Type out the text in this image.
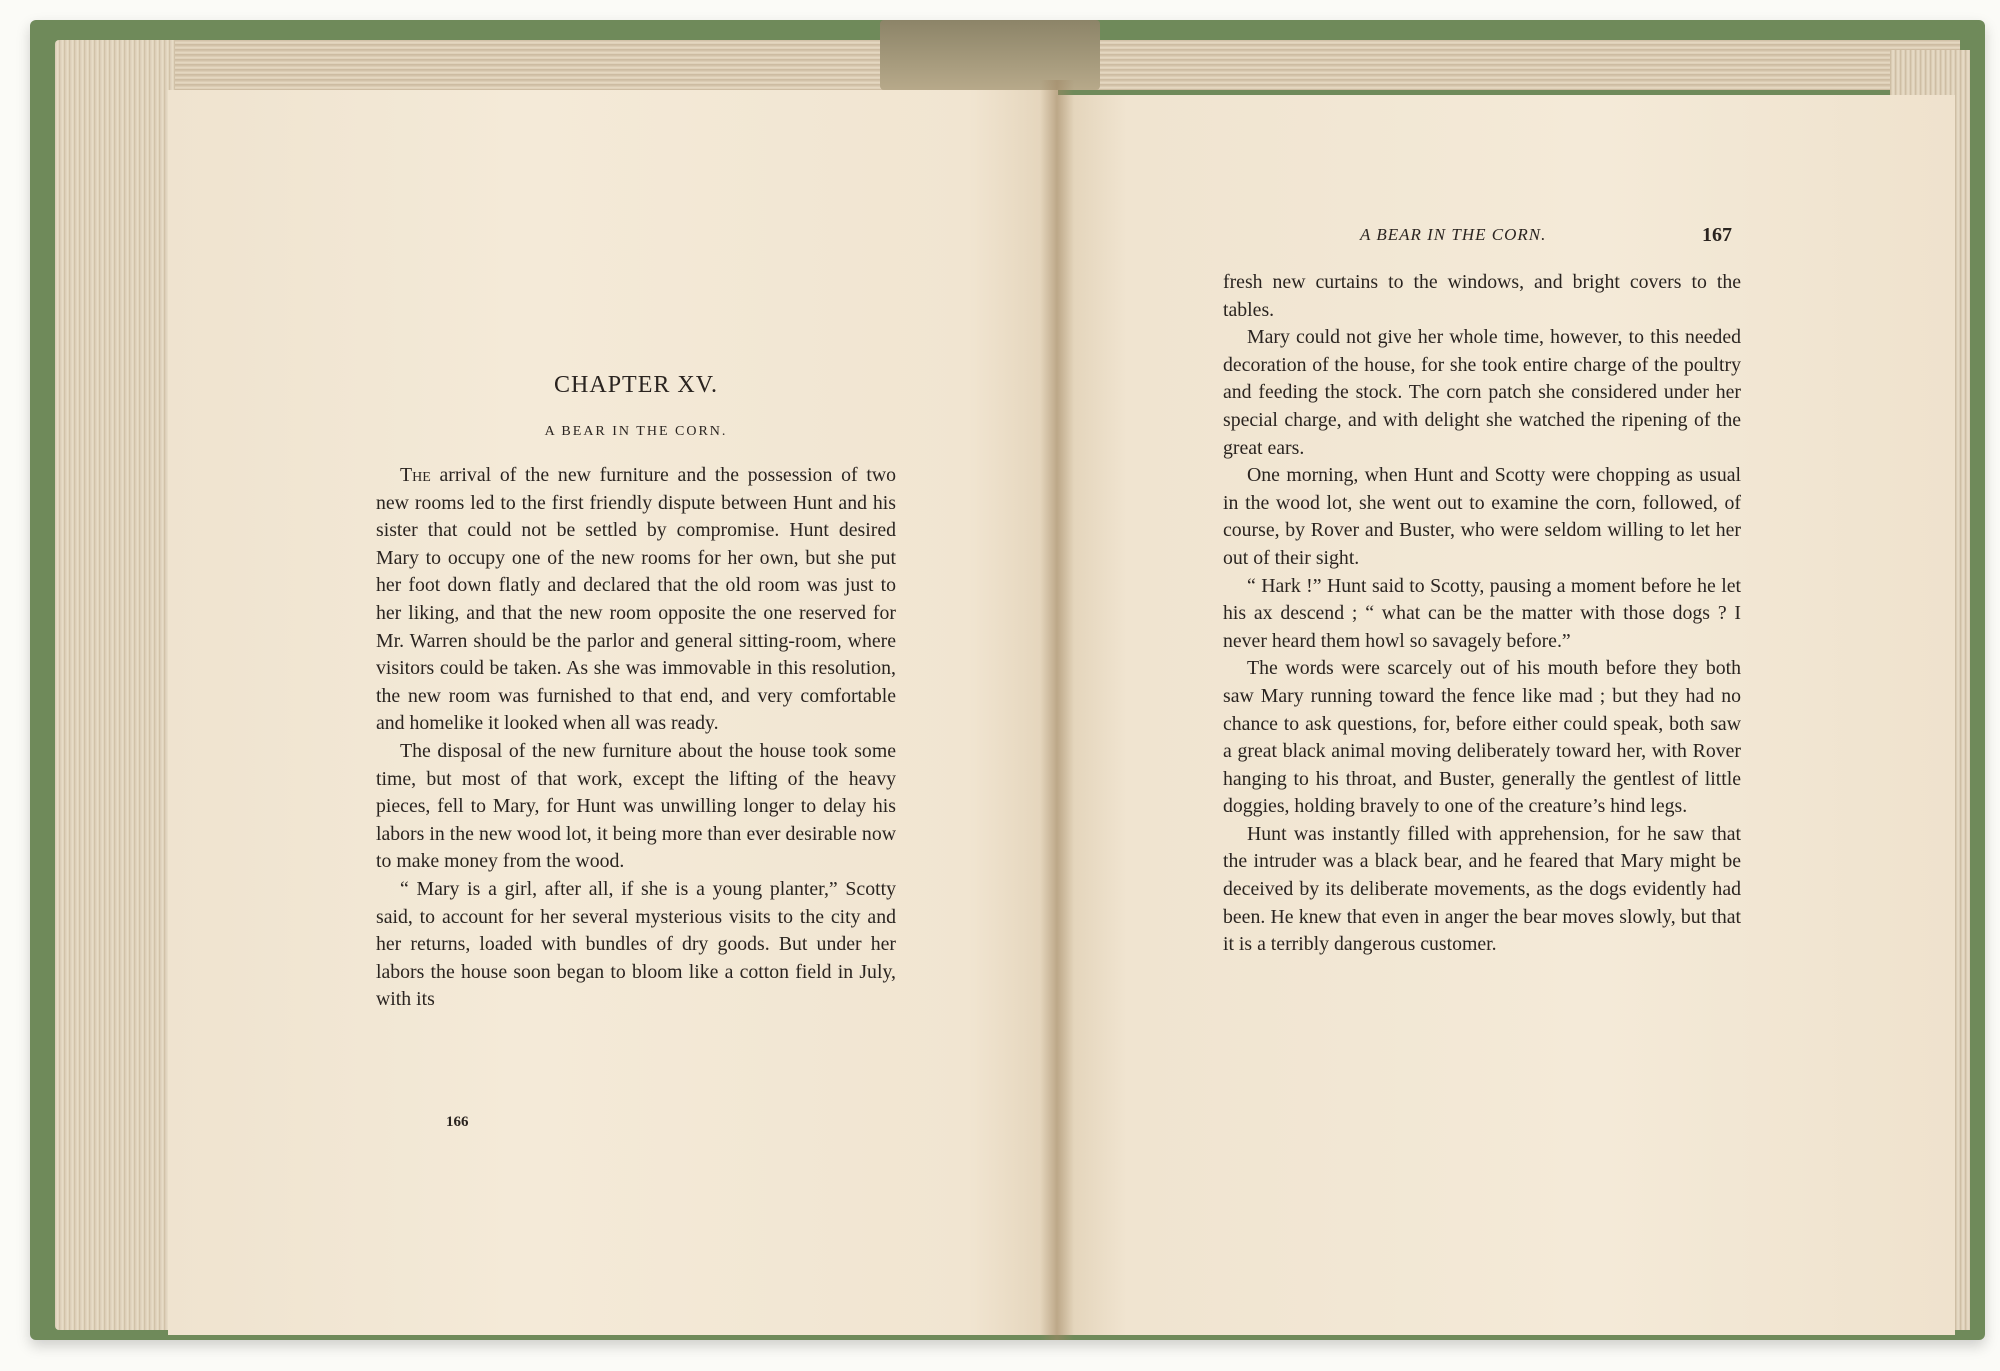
CHAPTER XV.
A BEAR IN THE CORN.

The arrival of the new furniture and the possession of two new rooms led to the first friendly dispute between Hunt and his sister that could not be settled by compromise. Hunt desired Mary to occupy one of the new rooms for her own, but she put her foot down flatly and declared that the old room was just to her liking, and that the new room opposite the one reserved for Mr. Warren should be the parlor and general sitting-room, where visitors could be taken. As she was immovable in this resolution, the new room was furnished to that end, and very comfortable and homelike it looked when all was ready.

The disposal of the new furniture about the house took some time, but most of that work, except the lifting of the heavy pieces, fell to Mary, for Hunt was unwilling longer to delay his labors in the new wood lot, it being more than ever desirable now to make money from the wood.

“ Mary is a girl, after all, if she is a young planter,” Scotty said, to account for her several mysterious visits to the city and her returns, loaded with bundles of dry goods. But under her labors the house soon began to bloom like a cotton field in July, with its

166
A BEAR IN THE CORN.	167

fresh new curtains to the windows, and bright covers to the tables.

Mary could not give her whole time, however, to this needed decoration of the house, for she took entire charge of the poultry and feeding the stock. The corn patch she considered under her special charge, and with delight she watched the ripening of the great ears.

One morning, when Hunt and Scotty were chopping as usual in the wood lot, she went out to examine the corn, followed, of course, by Rover and Buster, who were seldom willing to let her out of their sight.

“ Hark !” Hunt said to Scotty, pausing a moment before he let his ax descend ; “ what can be the matter with those dogs ? I never heard them howl so savagely before.”

The words were scarcely out of his mouth before they both saw Mary running toward the fence like mad ; but they had no chance to ask questions, for, before either could speak, both saw a great black animal moving deliberately toward her, with Rover hanging to his throat, and Buster, generally the gentlest of little doggies, holding bravely to one of the creature’s hind legs.

Hunt was instantly filled with apprehension, for he saw that the intruder was a black bear, and he feared that Mary might be deceived by its deliberate movements, as the dogs evidently had been. He knew that even in anger the bear moves slowly, but that it is a terribly dangerous customer.
